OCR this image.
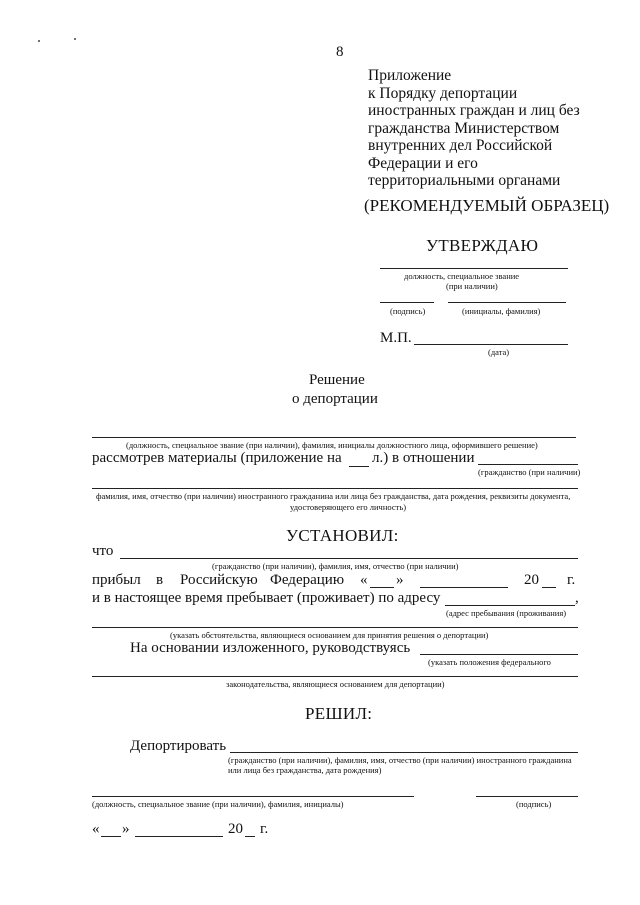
8

Приложение

к Порядку депортации

иностранных граждан и лиц без

гражданства Министерством

внутренних дел Российской

Федерации и его

территориальными органами

(РЕКОМЕНДУЕМЫЙ ОБРАЗЕЦ)
УТВЕРЖДАЮ
должность, специальное звание
(при наличии)
(подпись)	(инициалы, фамилия)
М.П.
(дата)
Решение
о депортации
(должность, специальное звание (при наличии), фамилия, инициалы должностного лица, оформившего решение)
рассмотрев материалы (приложение на л.) в отношении
(гражданство (при наличии)
фамилия, имя, отчество (при наличии) иностранного гражданина или лица без гражданства, дата рождения, реквизиты документа,
удостоверяющего его личность)
УСТАНОВИЛ:
что
(гражданство (при наличии), фамилия, имя, отчество (при наличии)
прибыл в Российскую Федерацию « »	20 г.
и в настоящее время пребывает (проживает) по адресу	,
(адрес пребывания (проживания)
(указать обстоятельства, являющиеся основанием для принятия решения о депортации)
На основании изложенного, руководствуясь
(указать положения федерального
законодательства, являющиеся основанием для депортации)
РЕШИЛ:
Депортировать
(гражданство (при наличии), фамилия, имя, отчество (при наличии) иностранного гражданина
или лица без гражданства, дата рождения)
(должность, специальное звание (при наличии), фамилия, инициалы)	(подпись)
« »	20 г.
